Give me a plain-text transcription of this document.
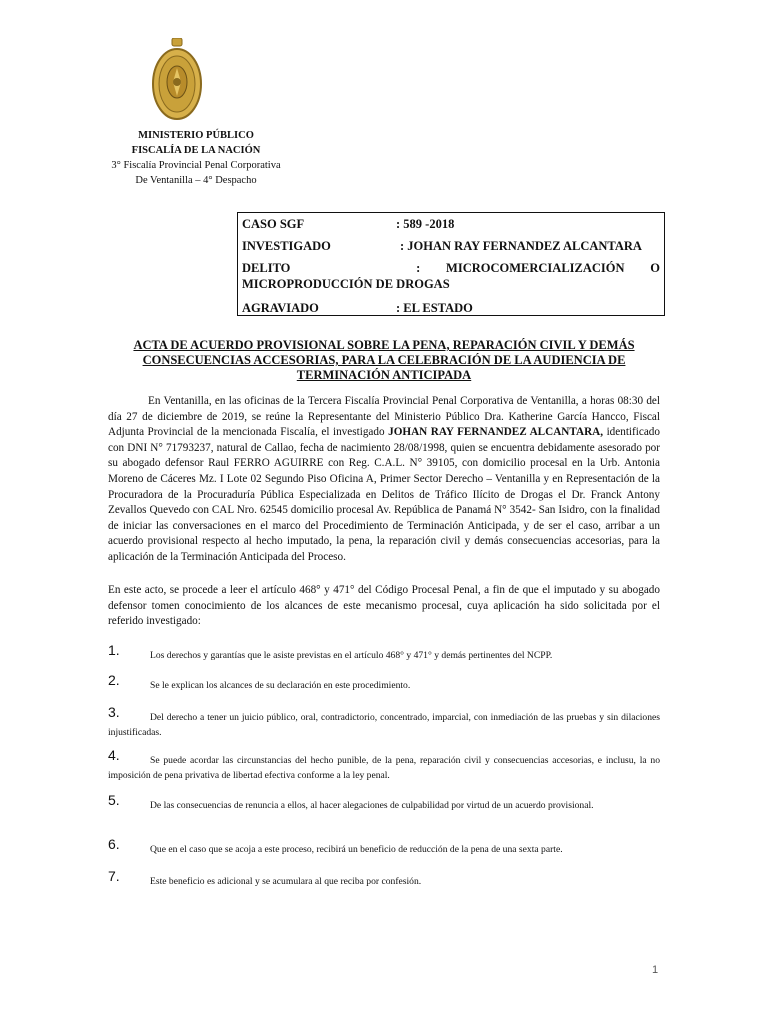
MINISTERIO PÚBLICO
FISCALÍA DE LA NACIÓN
3° Fiscalía Provincial Penal Corporativa
De Ventanilla – 4° Despacho
CASO SGF	: 589 -2018
INVESTIGADO	: JOHAN RAY FERNANDEZ ALCANTARA
DELITO	: MICROCOMERCIALIZACIÓN O
MICROPRODUCCIÓN DE DROGAS
AGRAVIADO	: EL ESTADO
ACTA DE ACUERDO PROVISIONAL SOBRE LA PENA, REPARACIÓN CIVIL Y DEMÁS CONSECUENCIAS ACCESORIAS, PARA LA CELEBRACIÓN DE LA AUDIENCIA DE TERMINACIÓN ANTICIPADA
En Ventanilla, en las oficinas de la Tercera Fiscalía Provincial Penal Corporativa de Ventanilla, a horas 08:30 del día 27 de diciembre de 2019, se reúne la Representante del Ministerio Público Dra. Katherine García Hancco, Fiscal Adjunta Provincial de la mencionada Fiscalía, el investigado JOHAN RAY FERNANDEZ ALCANTARA, identificado con DNI N° 71793237, natural de Callao, fecha de nacimiento 28/08/1998, quien se encuentra debidamente asesorado por su abogado defensor Raul FERRO AGUIRRE con Reg. C.A.L. N° 39105, con domicilio procesal en la Urb. Antonia Moreno de Cáceres Mz. I Lote 02 Segundo Piso Oficina A, Primer Sector Derecho – Ventanilla y en Representación de la Procuradora de la Procuraduría Pública Especializada en Delitos de Tráfico Ilícito de Drogas el Dr. Franck Antony Zevallos Quevedo con CAL Nro. 62545 domicilio procesal Av. República de Panamá N° 3542- San Isidro, con la finalidad de iniciar las conversaciones en el marco del Procedimiento de Terminación Anticipada, y de ser el caso, arribar a un acuerdo provisional respecto al hecho imputado, la pena, la reparación civil y demás consecuencias accesorias, para la aplicación de la Terminación Anticipada del Proceso.
En este acto, se procede a leer el artículo 468° y 471° del Código Procesal Penal, a fin de que el imputado y su abogado defensor tomen conocimiento de los alcances de este mecanismo procesal, cuya aplicación ha sido solicitada por el referido investigado:
1.	Los derechos y garantías que le asiste previstas en el artículo 468° y 471° y demás pertinentes del NCPP.
2.	Se le explican los alcances de su declaración en este procedimiento.
3.	Del derecho a tener un juicio público, oral, contradictorio, concentrado, imparcial, con inmediación de las pruebas y sin dilaciones injustificadas.
4.	Se puede acordar las circunstancias del hecho punible, de la pena, reparación civil y consecuencias accesorias, e inclusu, la no imposición de pena privativa de libertad efectiva conforme a la ley penal.
5.	De las consecuencias de renuncia a ellos, al hacer alegaciones de culpabilidad por virtud de un acuerdo provisional.
6.	Que en el caso que se acoja a este proceso, recibirá un beneficio de reducción de la pena de una sexta parte.
7.	Este beneficio es adicional y se acumulara al que reciba por confesión.
1
